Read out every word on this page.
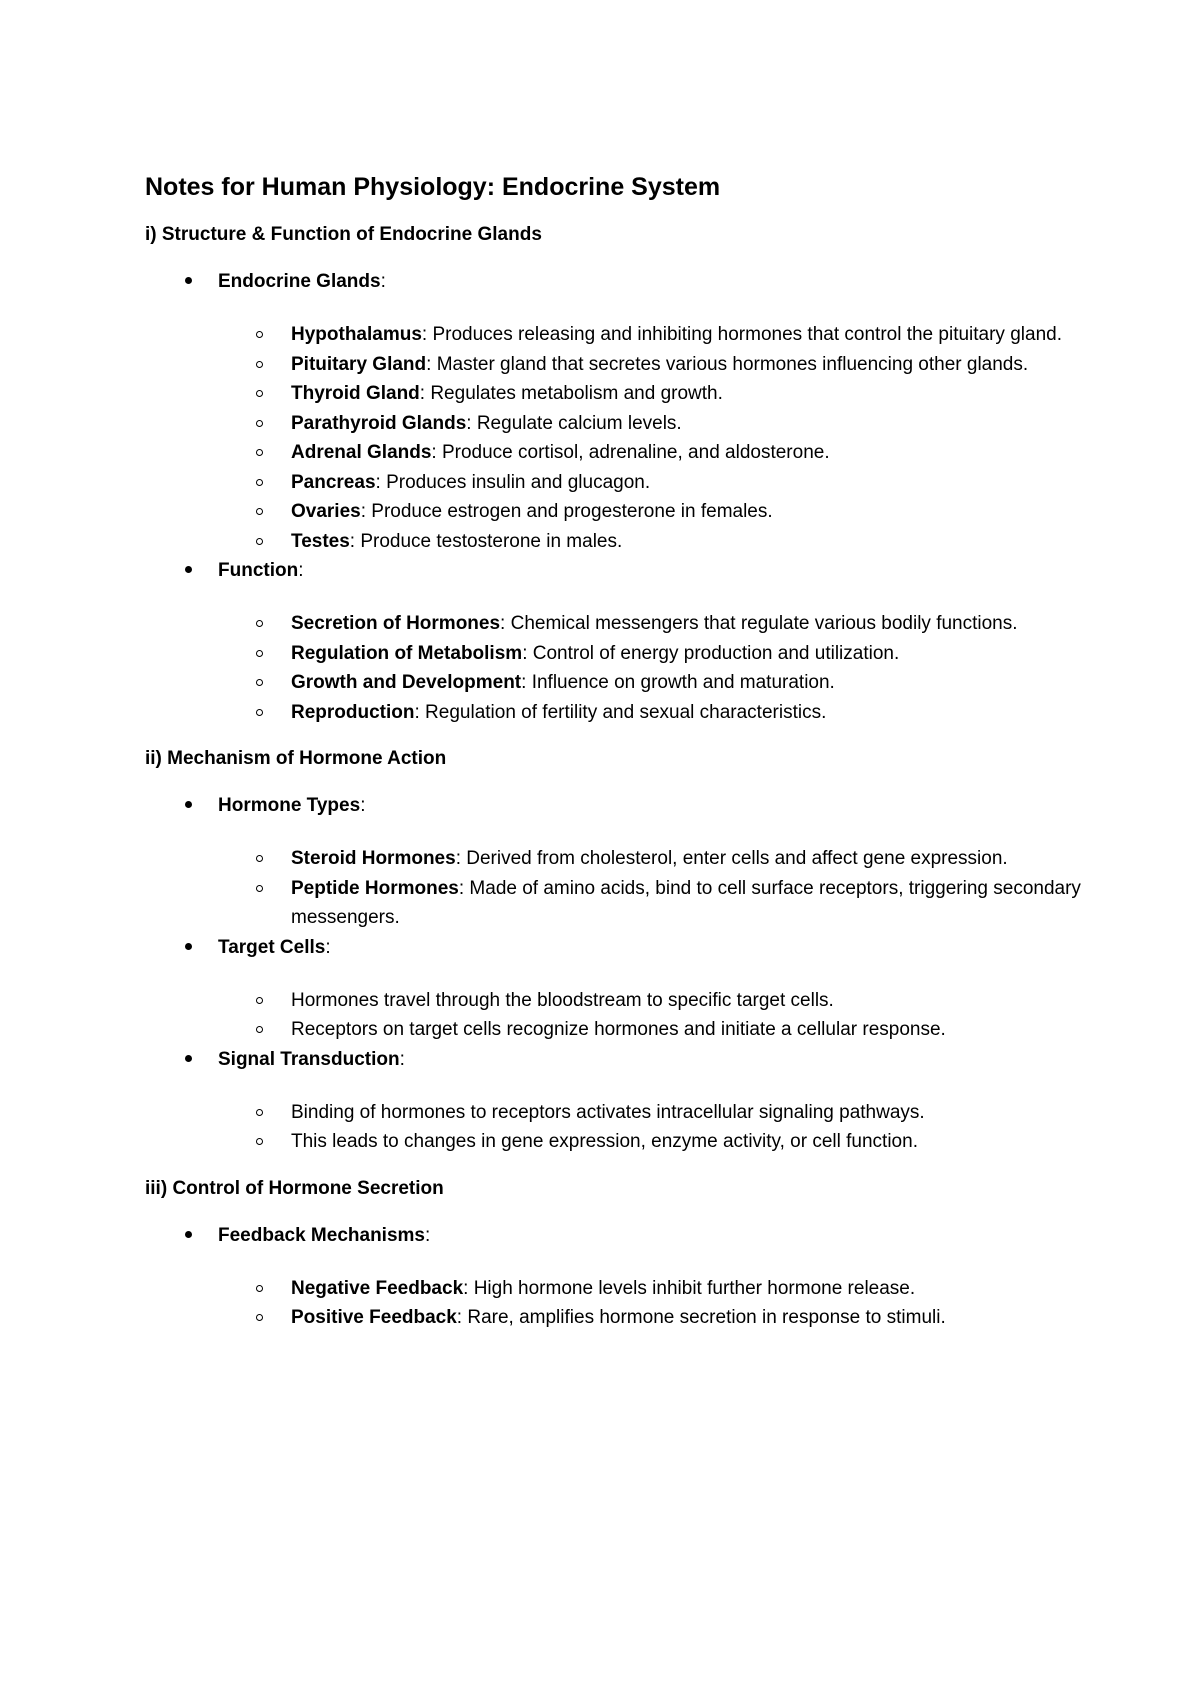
Notes for Human Physiology: Endocrine System
i) Structure & Function of Endocrine Glands
Endocrine Glands:
Hypothalamus: Produces releasing and inhibiting hormones that control the pituitary gland.
Pituitary Gland: Master gland that secretes various hormones influencing other glands.
Thyroid Gland: Regulates metabolism and growth.
Parathyroid Glands: Regulate calcium levels.
Adrenal Glands: Produce cortisol, adrenaline, and aldosterone.
Pancreas: Produces insulin and glucagon.
Ovaries: Produce estrogen and progesterone in females.
Testes: Produce testosterone in males.
Function:
Secretion of Hormones: Chemical messengers that regulate various bodily functions.
Regulation of Metabolism: Control of energy production and utilization.
Growth and Development: Influence on growth and maturation.
Reproduction: Regulation of fertility and sexual characteristics.
ii) Mechanism of Hormone Action
Hormone Types:
Steroid Hormones: Derived from cholesterol, enter cells and affect gene expression.
Peptide Hormones: Made of amino acids, bind to cell surface receptors, triggering secondary messengers.
Target Cells:
Hormones travel through the bloodstream to specific target cells.
Receptors on target cells recognize hormones and initiate a cellular response.
Signal Transduction:
Binding of hormones to receptors activates intracellular signaling pathways.
This leads to changes in gene expression, enzyme activity, or cell function.
iii) Control of Hormone Secretion
Feedback Mechanisms:
Negative Feedback: High hormone levels inhibit further hormone release.
Positive Feedback: Rare, amplifies hormone secretion in response to stimuli.
